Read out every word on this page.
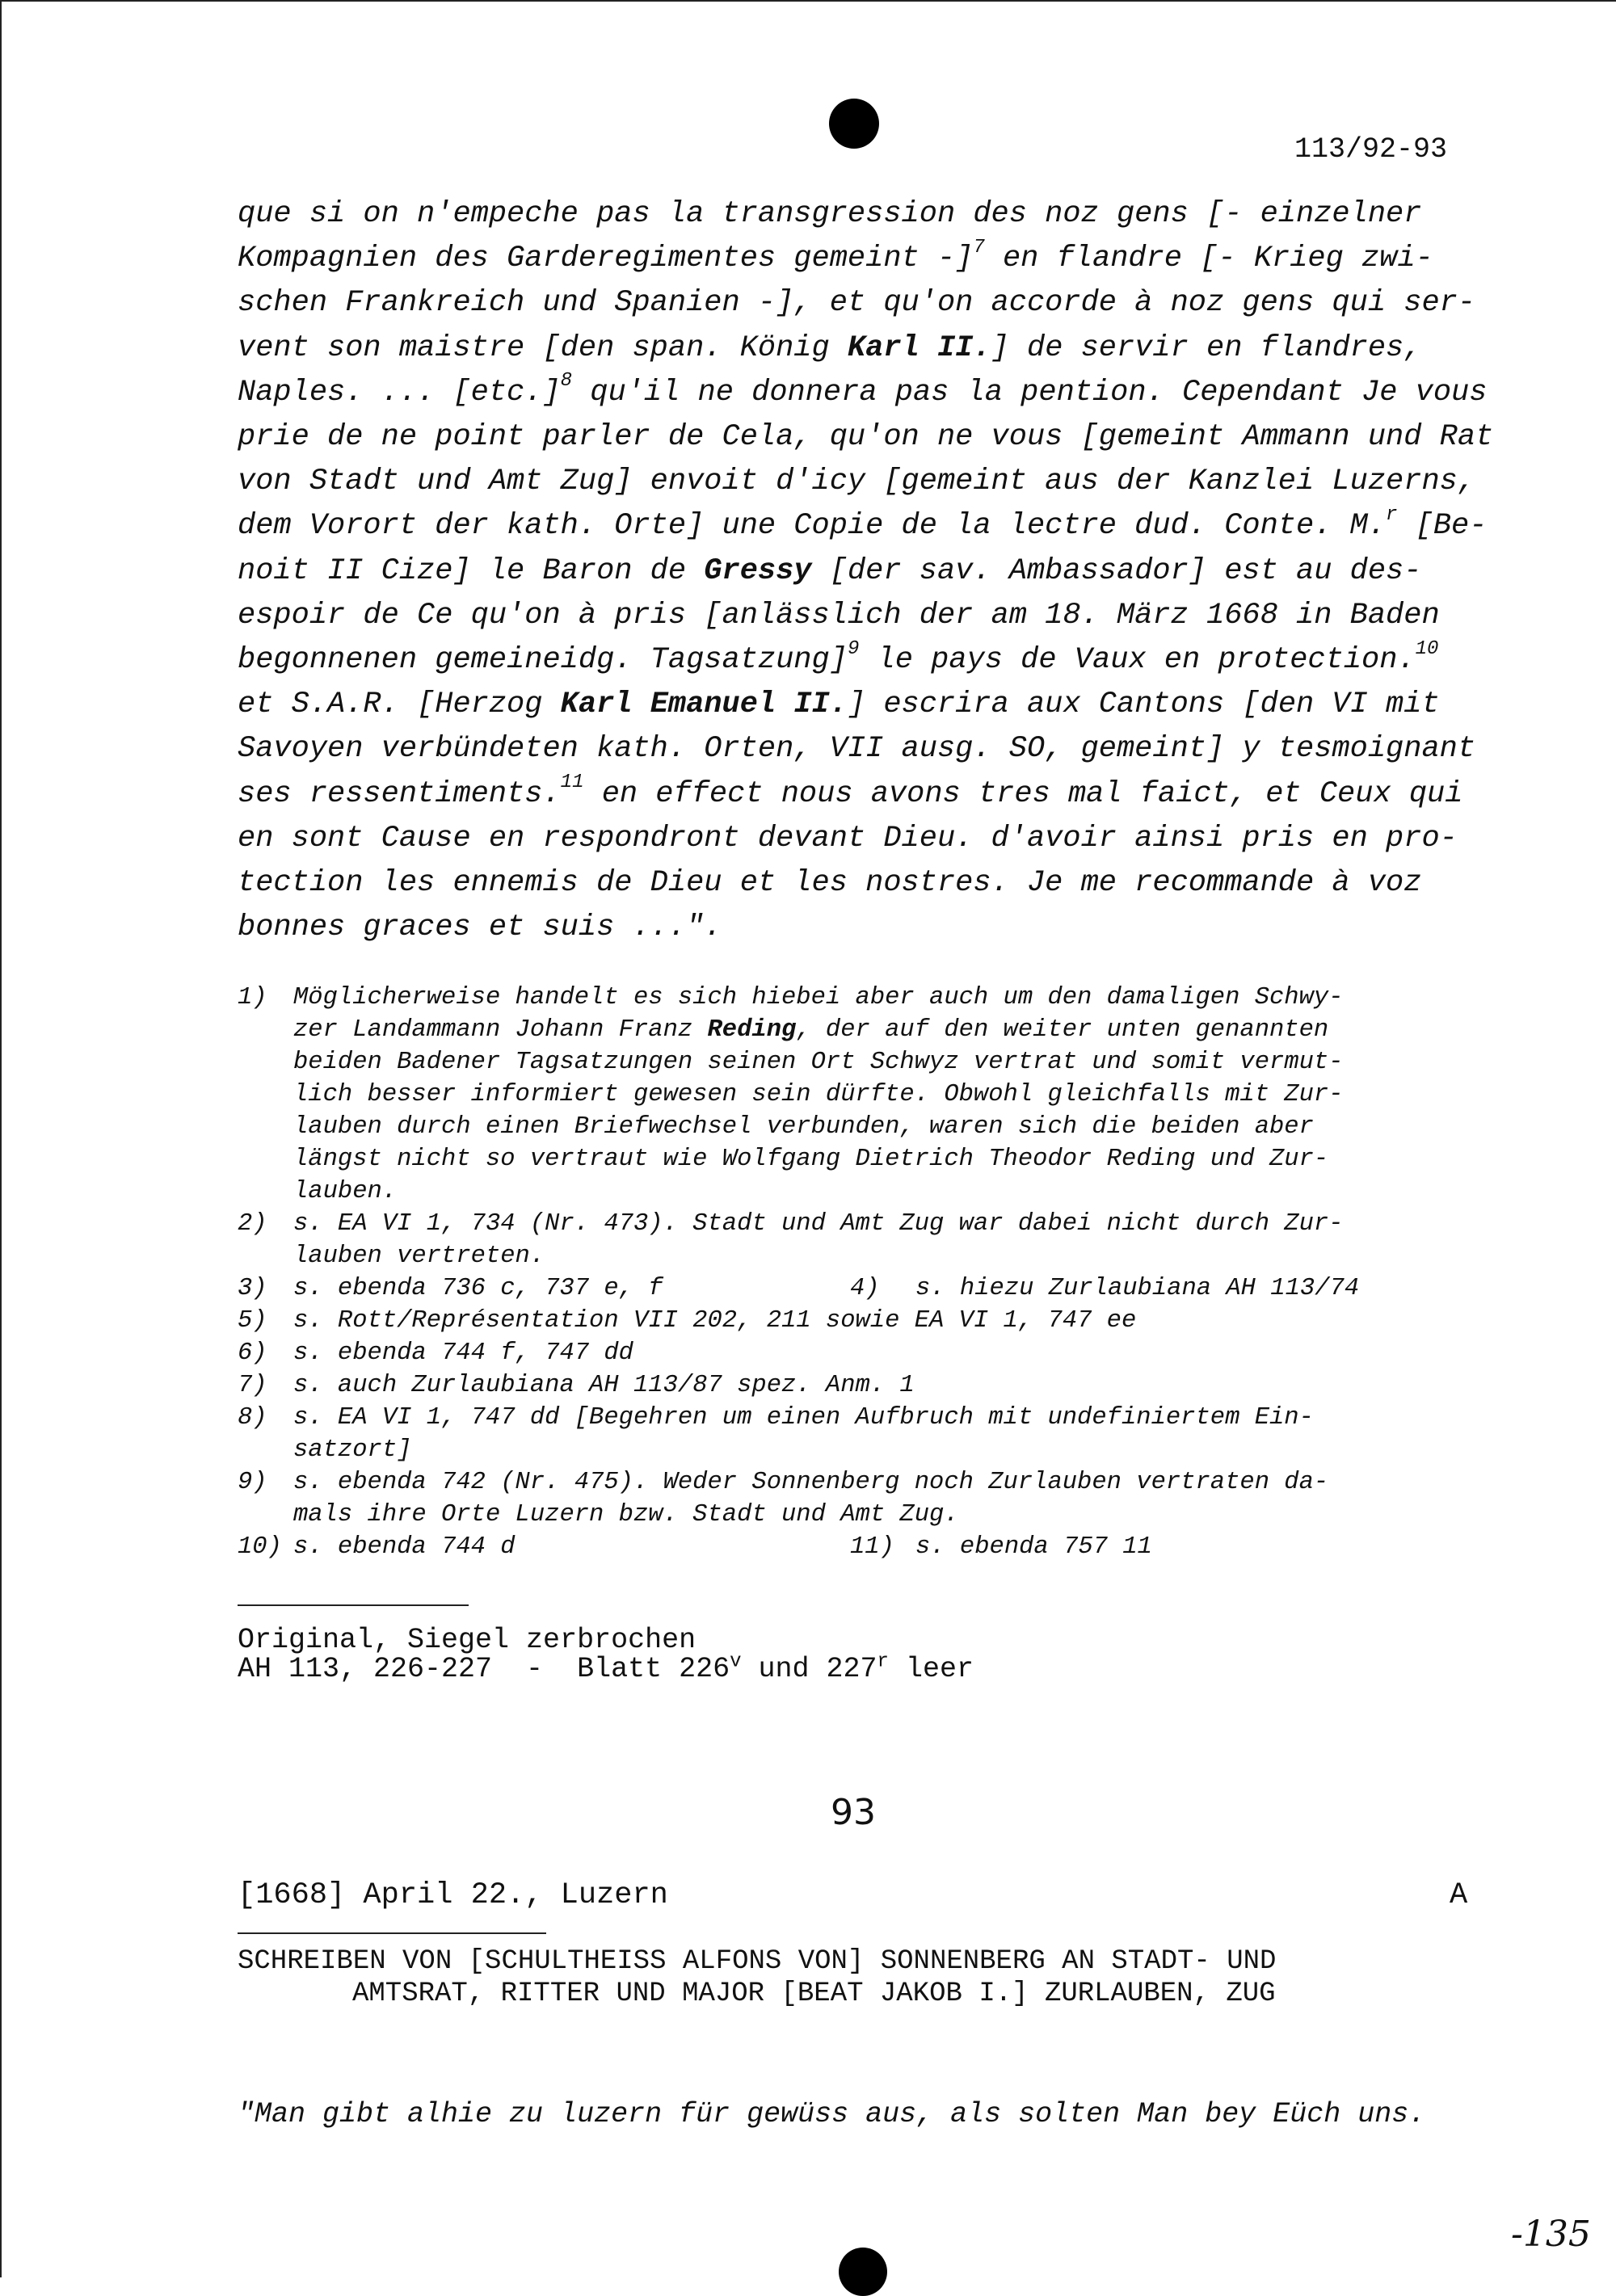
113/92-93

que si on n'empeche pas la transgression des noz gens [- einzelner

Kompagnien des Garderegimentes gemeint -]$^7$ en flandre [- Krieg zwi-

schen Frankreich und Spanien -], et qu'on accorde à noz gens qui ser-

vent son maistre [den span. König Karl II.] de servir en flandres,

Naples. ... $[etc.]^8$ qu'il ne donnera pas la pention. Cependant Je vous

prie de ne point parler de Cela, qu'on ne vous [gemeint Ammann und Rat

von Stadt und Amt Zug] envoit d'icy [gemeint aus der Kanzlei Luzerns,

dem Vorort der kath. Orte] une Copie de la lectre dud. Conte. M.$^r$ [Be-

noit II Cize] le Baron de Gressy [der sav. Ambassador] est au des-

espoir de Ce qu'on à pris [anlässlich der am 18. März 1668 in Baden

begonnenen gemeineidg. Tagsatzung]$^9$ le pays de Vaux en protection.$^{10}$

et S.A.R. [Herzog Karl Emanuel II.] escrira aux Cantons [den VI mit

Savoyen verbündeten kath. Orten, VII ausg. SO, gemeint] y tesmoignant

ses ressentiments.$^{11}$ en effect nous avons tres mal faict, et Ceux qui

en sont Cause en respondront devant Dieu. d'avoir ainsi pris en pro-

tection les ennemis de Dieu et les nostres. Je me recommande à voz

bonnes graces et suis ...".

1)	Möglicherweise handelt es sich hiebei aber auch um den damaligen Schwy-
zer Landammann Johann Franz Reding, der auf den weiter unten genannten
beiden Badener Tagsatzungen seinen Ort Schwyz vertrat und somit vermut-
lich besser informiert gewesen sein dürfte. Obwohl gleichfalls mit Zur-
lauben durch einen Briefwechsel verbunden, waren sich die beiden aber
längst nicht so vertraut wie Wolfgang Dietrich Theodor Reding und Zur-
lauben.
2)	s. EA VI 1, 734 (Nr. 473). Stadt und Amt Zug war dabei nicht durch Zur-
lauben vertreten.
3)	s. ebenda 736 c, 737 e, f	4)	s. hiezu Zurlaubiana AH 113/74
5)	s. Rott/Représentation VII 202, 211 sowie EA VI 1, 747 ee
6)	s. ebenda 744 f, 747 dd
7)	s. auch Zurlaubiana AH 113/87 spez. Anm. 1
8)	s. EA VI 1, 747 dd [Begehren um einen Aufbruch mit undefiniertem Ein-
satzort]
9)	s. ebenda 742 (Nr. 475). Weder Sonnenberg noch Zurlauben vertraten da-
mals ihre Orte Luzern bzw. Stadt und Amt Zug.
10) s. ebenda 744 d	11) s. ebenda 757 11
Original, Siegel zerbrochen
AH 113, 226-227  -  Blatt 226$^v$ und 227$^r$ leer
93
[1668] April 22., Luzern	A
SCHREIBEN VON [SCHULTHEISS ALFONS VON] SONNENBERG AN STADT- UND
AMTSRAT, RITTER UND MAJOR [BEAT JAKOB I.] ZURLAUBEN, ZUG
"Man gibt alhie zu luzern für gewüss aus, als solten Man bey Eüch uns.
-135
